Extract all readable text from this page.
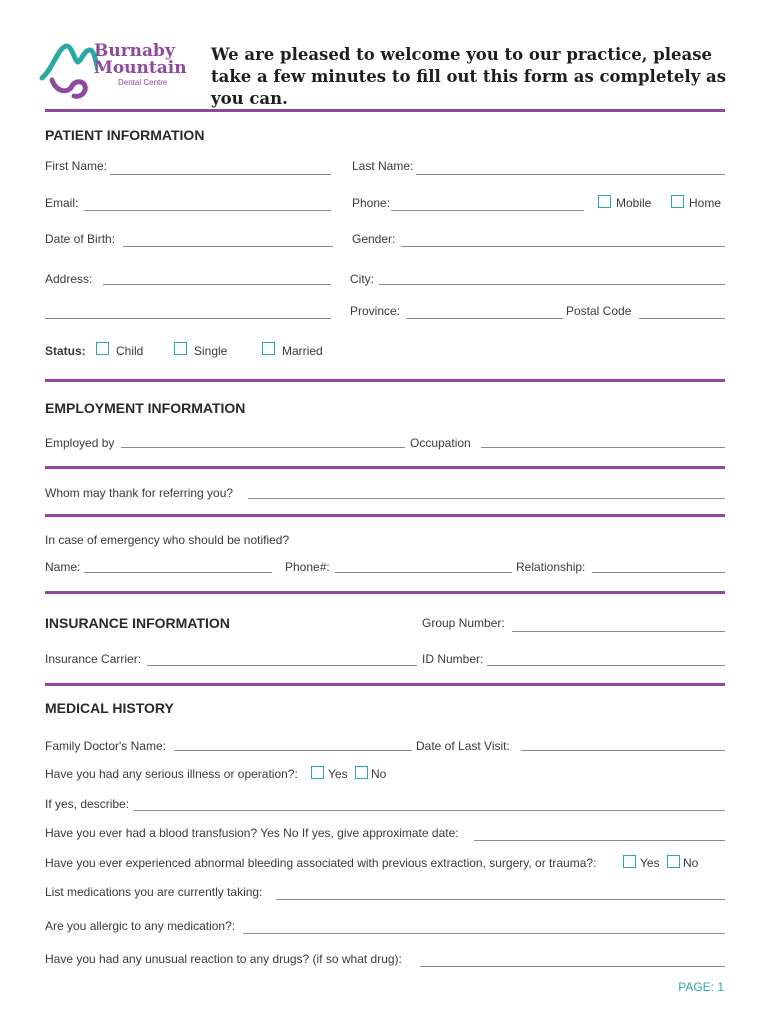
Burnaby
Mountain
Dental Centre
We are pleased to welcome you to our practice, please take a few minutes to fill out this form as completely as you can.
PATIENT INFORMATION
First Name:	Last Name:
Email:	Phone:	Mobile	Home
Date of Birth:	Gender:
Address:	City:
Province:	Postal Code
Status:	Child	Single	Married
EMPLOYMENT INFORMATION
Employed by	Occupation
Whom may thank for referring you?
In case of emergency who should be notified?
Name:	Phone#:	Relationship:
INSURANCE INFORMATION	Group Number:
Insurance Carrier:	ID Number:
MEDICAL HISTORY
Family Doctor's Name:	Date of Last Visit:
Have you had any serious illness or operation?:	Yes No
If yes, describe:
Have you ever had a blood transfusion? Yes No If yes, give approximate date:
Have you ever experienced abnormal bleeding associated with previous extraction, surgery, or trauma?:	Yes No
List medications you are currently taking:
Are you allergic to any medication?:
Have you had any unusual reaction to any drugs? (if so what drug):
PAGE: 1
